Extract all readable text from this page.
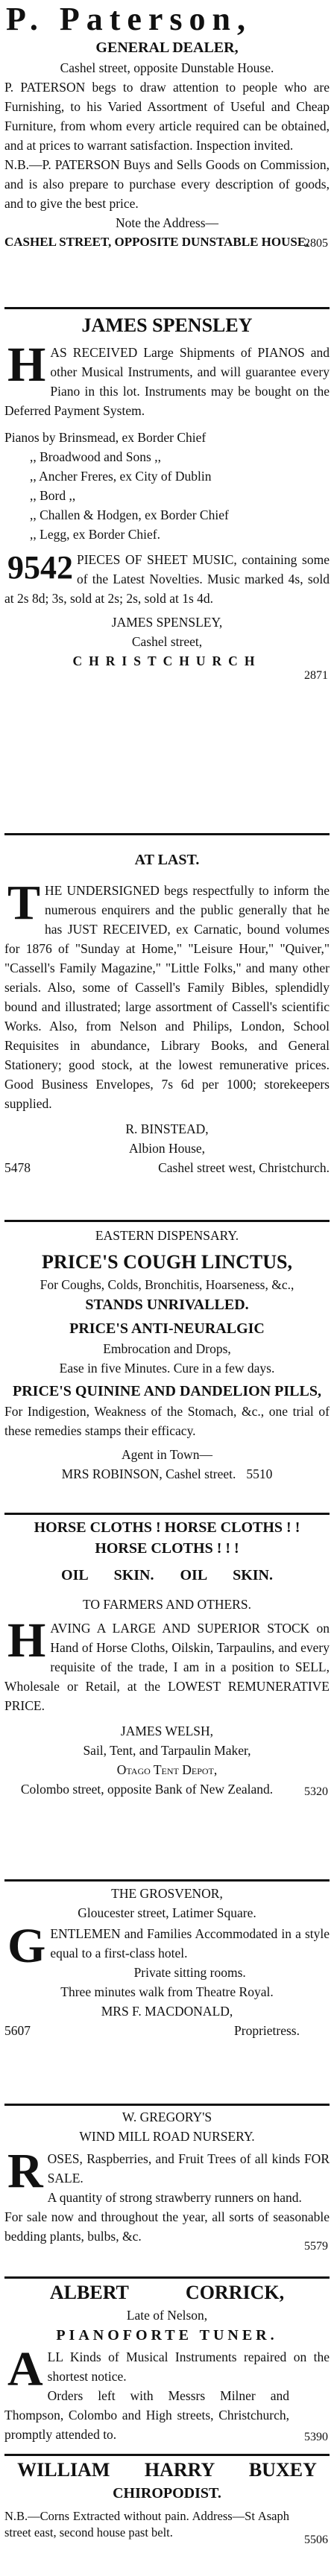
P. Paterson,
GENERAL DEALER,
Cashel street, opposite Dunstable House.
P. PATERSON begs to draw attention to people who are Furnishing, to his Varied Assortment of Useful and Cheap Furniture, from whom every article required can be obtained, and at prices to warrant satisfaction. Inspection invited.
N.B.—P. PATERSON Buys and Sells Goods on Commission, and is also prepare to purchase every description of goods, and to give the best price.
Note the Address—
CASHEL STREET, OPPOSITE DUNSTABLE HOUSE.
2805
JAMES SPENSLEY
HAS RECEIVED Large Shipments of PIANOS and other Musical Instruments, and will guarantee every Piano in this lot. Instruments may be bought on the Deferred Payment System.
Pianos by Brinsmead, ex Border Chief
,, Broadwood and Sons ,,
,, Ancher Freres, ex City of Dublin
,, Bord ,,
,, Challen & Hodgen, ex Border Chief
,, Legg, ex Border Chief.
9542 PIECES OF SHEET MUSIC, containing some of the Latest Novelties. Music marked 4s, sold at 2s 8d; 3s, sold at 2s; 2s, sold at 1s 4d.
JAMES SPENSLEY,
Cashel street,
CHRISTCHURCH
2871
AT LAST.
THE UNDERSIGNED begs respectfully to inform the numerous enquirers and the public generally that he has JUST RECEIVED, ex Carnatic, bound volumes for 1876 of "Sunday at Home," "Leisure Hour," "Quiver," "Cassell's Family Magazine," "Little Folks," and many other serials. Also, some of Cassell's Family Bibles, splendidly bound and illustrated; large assortment of Cassell's scientific Works. Also, from Nelson and Philips, London, School Requisites in abundance, Library Books, and General Stationery; good stock, at the lowest remunerative prices. Good Business Envelopes, 7s 6d per 1000; storekeepers supplied.
R. BINSTEAD,
Albion House,
5478	Cashel street west, Christchurch.
EASTERN DISPENSARY.
PRICE'S COUGH LINCTUS,
For Coughs, Colds, Bronchitis, Hoarseness, &c.,
STANDS UNRIVALLED.
PRICE'S ANTI-NEURALGIC
Embrocation and Drops,
Ease in five Minutes. Cure in a few days.
PRICE'S QUININE AND DANDELION PILLS,
For Indigestion, Weakness of the Stomach, &c., one trial of these remedies stamps their efficacy.
Agent in Town—
MRS ROBINSON, Cashel street. 5510
HORSE CLOTHS ! HORSE CLOTHS ! !
HORSE CLOTHS ! ! !
OIL SKIN. OIL SKIN.
TO FARMERS AND OTHERS.
HAVING A LARGE AND SUPERIOR STOCK on Hand of Horse Cloths, Oilskin, Tarpaulins, and every requisite of the trade, I am in a position to SELL, Wholesale or Retail, at the LOWEST REMUNERATIVE PRICE.
JAMES WELSH,
Sail, Tent, and Tarpaulin Maker,
Otago Tent Depot,
Colombo street, opposite Bank of New Zealand.	5320
THE GROSVENOR,
Gloucester street, Latimer Square.
GENTLEMEN and Families Accommodated in a style equal to a first-class hotel.
Private sitting rooms.
Three minutes walk from Theatre Royal.
MRS F. MACDONALD,
5607	Proprietress.
W. GREGORY'S
WIND MILL ROAD NURSERY.
ROSES, Raspberries, and Fruit Trees of all kinds FOR SALE.
A quantity of strong strawberry runners on hand.
For sale now and throughout the year, all sorts of seasonable bedding plants, bulbs, &c.
5579
ALBERT CORRICK,
Late of Nelson,
PIANOFORTE TUNER.
ALL Kinds of Musical Instruments repaired on the shortest notice.
Orders left with Messrs Milner and Thompson, Colombo and High streets, Christchurch, promptly attended to.	5390
WILLIAM HARRY BUXEY
CHIROPODIST.
N.B.—Corns Extracted without pain. Address—St Asaph street east, second house past belt.
5506
